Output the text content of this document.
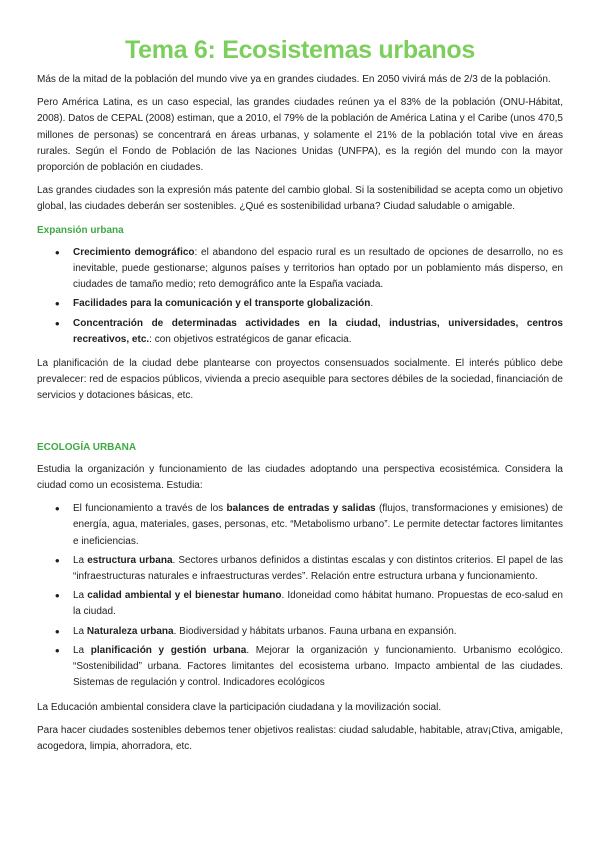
Tema 6: Ecosistemas urbanos

Más de la mitad de la población del mundo vive ya en grandes ciudades. En 2050 vivirá más de 2/3 de la población.

Pero América Latina, es un caso especial, las grandes ciudades reúnen ya el 83% de la población (ONU-Hábitat, 2008). Datos de CEPAL (2008) estiman, que a 2010, el 79% de la población de América Latina y el Caribe (unos 470,5 millones de personas) se concentrará en áreas urbanas, y solamente el 21% de la población total vive en áreas rurales. Según el Fondo de Población de las Naciones Unidas (UNFPA), es la región del mundo con la mayor proporción de población en ciudades.

Las grandes ciudades son la expresión más patente del cambio global. Si la sostenibilidad se acepta como un objetivo global, las ciudades deberán ser sostenibles. ¿Qué es sostenibilidad urbana? Ciudad saludable o amigable.

Expansión urbana
• Crecimiento demográfico: el abandono del espacio rural es un resultado de opciones de desarrollo, no es inevitable, puede gestionarse; algunos países y territorios han optado por un poblamiento más disperso, en ciudades de tamaño medio; reto demográfico ante la España vaciada.
• Facilidades para la comunicación y el transporte globalización.
• Concentración de determinadas actividades en la ciudad, industrias, universidades, centros recreativos, etc.: con objetivos estratégicos de ganar eficacia.

La planificación de la ciudad debe plantearse con proyectos consensuados socialmente. El interés público debe prevalecer: red de espacios públicos, vivienda a precio asequible para sectores débiles de la sociedad, financiación de servicios y dotaciones básicas, etc.

ECOLOGÍA URBANA

Estudia la organización y funcionamiento de las ciudades adoptando una perspectiva ecosistémica. Considera la ciudad como un ecosistema. Estudia:

• El funcionamiento a través de los balances de entradas y salidas (flujos, transformaciones y emisiones) de energía, agua, materiales, gases, personas, etc. “Metabolismo urbano”. Le permite detectar factores limitantes e ineficiencias.
• La estructura urbana. Sectores urbanos definidos a distintas escalas y con distintos criterios. El papel de las “infraestructuras naturales e infraestructuras verdes”. Relación entre estructura urbana y funcionamiento.
• La calidad ambiental y el bienestar humano. Idoneidad como hábitat humano. Propuestas de eco-salud en la ciudad.
• La Naturaleza urbana. Biodiversidad y hábitats urbanos. Fauna urbana en expansión.
• La planificación y gestión urbana. Mejorar la organización y funcionamiento. Urbanismo ecológico. “Sostenibilidad” urbana. Factores limitantes del ecosistema urbano. Impacto ambiental de las ciudades. Sistemas de regulación y control. Indicadores ecológicos

La Educación ambiental considera clave la participación ciudadana y la movilización social.

Para hacer ciudades sostenibles debemos tener objetivos realistas: ciudad saludable, habitable, atrav¡Ctiva, amigable, acogedora, limpia, ahorradora, etc.
